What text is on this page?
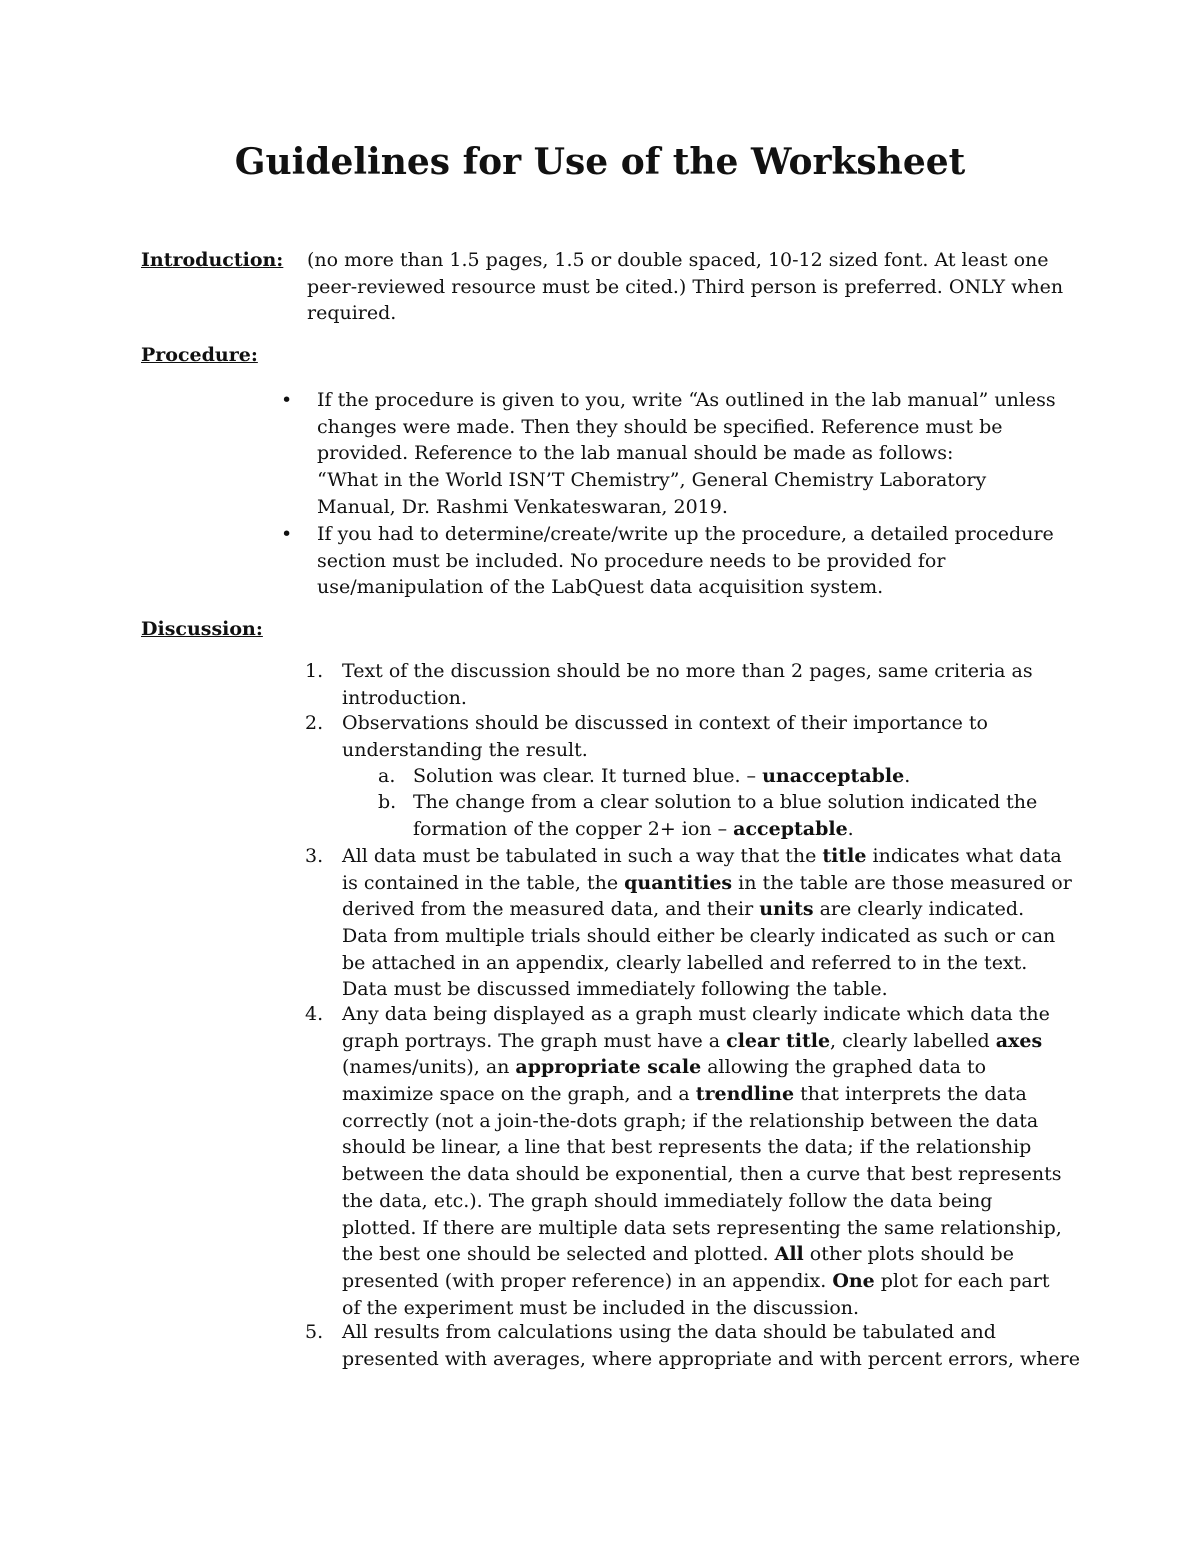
Guidelines for Use of the Worksheet
Introduction: (no more than 1.5 pages, 1.5 or double spaced, 10-12 sized font. At least one
peer-reviewed resource must be cited.) Third person is preferred. ONLY when
required.
Procedure:
• If the procedure is given to you, write “As outlined in the lab manual” unless
changes were made. Then they should be specified. Reference must be
provided. Reference to the lab manual should be made as follows:
“What in the World ISN’T Chemistry”, General Chemistry Laboratory
Manual, Dr. Rashmi Venkateswaran, 2019.
• If you had to determine/create/write up the procedure, a detailed procedure
section must be included. No procedure needs to be provided for
use/manipulation of the LabQuest data acquisition system.
Discussion:
1. Text of the discussion should be no more than 2 pages, same criteria as
introduction.
2. Observations should be discussed in context of their importance to
understanding the result.
a. Solution was clear. It turned blue. – unacceptable.
b. The change from a clear solution to a blue solution indicated the
formation of the copper 2+ ion – acceptable.
3. All data must be tabulated in such a way that the title indicates what data
is contained in the table, the quantities in the table are those measured or
derived from the measured data, and their units are clearly indicated.
Data from multiple trials should either be clearly indicated as such or can
be attached in an appendix, clearly labelled and referred to in the text.
Data must be discussed immediately following the table.
4. Any data being displayed as a graph must clearly indicate which data the
graph portrays. The graph must have a clear title, clearly labelled axes
(names/units), an appropriate scale allowing the graphed data to
maximize space on the graph, and a trendline that interprets the data
correctly (not a join-the-dots graph; if the relationship between the data
should be linear, a line that best represents the data; if the relationship
between the data should be exponential, then a curve that best represents
the data, etc.). The graph should immediately follow the data being
plotted. If there are multiple data sets representing the same relationship,
the best one should be selected and plotted. All other plots should be
presented (with proper reference) in an appendix. One plot for each part
of the experiment must be included in the discussion.
5. All results from calculations using the data should be tabulated and
presented with averages, where appropriate and with percent errors, where
